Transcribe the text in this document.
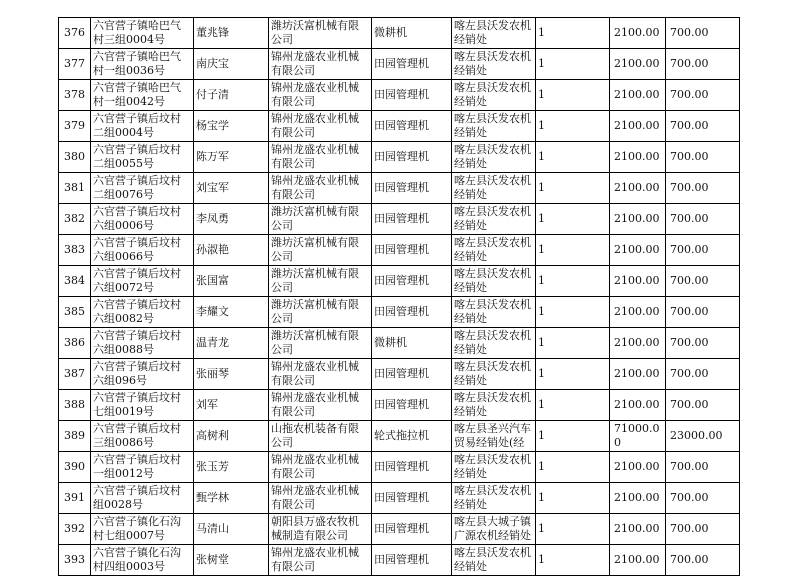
376	六官营子镇哈巴气村三组0004号	董兆锋	潍坊沃富机械有限公司	微耕机	喀左县沃发农机经销处	1	2100.00	700.00
377	六官营子镇哈巴气村一组0036号	南庆宝	锦州龙盛农业机械有限公司	田园管理机	喀左县沃发农机经销处	1	2100.00	700.00
378	六官营子镇哈巴气村一组0042号	付子清	锦州龙盛农业机械有限公司	田园管理机	喀左县沃发农机经销处	1	2100.00	700.00
379	六官营子镇后坟村二组0004号	杨宝学	锦州龙盛农业机械有限公司	田园管理机	喀左县沃发农机经销处	1	2100.00	700.00
380	六官营子镇后坟村二组0055号	陈万军	锦州龙盛农业机械有限公司	田园管理机	喀左县沃发农机经销处	1	2100.00	700.00
381	六官营子镇后坟村二组0076号	刘宝军	锦州龙盛农业机械有限公司	田园管理机	喀左县沃发农机经销处	1	2100.00	700.00
382	六官营子镇后坟村六组0006号	李凤勇	潍坊沃富机械有限公司	田园管理机	喀左县沃发农机经销处	1	2100.00	700.00
383	六官营子镇后坟村六组0066号	孙淑艳	潍坊沃富机械有限公司	田园管理机	喀左县沃发农机经销处	1	2100.00	700.00
384	六官营子镇后坟村六组0072号	张国富	潍坊沃富机械有限公司	田园管理机	喀左县沃发农机经销处	1	2100.00	700.00
385	六官营子镇后坟村六组0082号	李耀文	潍坊沃富机械有限公司	田园管理机	喀左县沃发农机经销处	1	2100.00	700.00
386	六官营子镇后坟村六组0088号	温青龙	潍坊沃富机械有限公司	微耕机	喀左县沃发农机经销处	1	2100.00	700.00
387	六官营子镇后坟村六组096号	张丽琴	锦州龙盛农业机械有限公司	田园管理机	喀左县沃发农机经销处	1	2100.00	700.00
388	六官营子镇后坟村七组0019号	刘军	锦州龙盛农业机械有限公司	田园管理机	喀左县沃发农机经销处	1	2100.00	700.00
389	六官营子镇后坟村三组0086号	高树利	山拖农机装备有限公司	轮式拖拉机	喀左县圣兴汽车贸易经销处(经	1	71000.00	23000.00
390	六官营子镇后坟村一组0012号	张玉芳	锦州龙盛农业机械有限公司	田园管理机	喀左县沃发农机经销处	1	2100.00	700.00
391	六官营子镇后坟村组0028号	甄学林	锦州龙盛农业机械有限公司	田园管理机	喀左县沃发农机经销处	1	2100.00	700.00
392	六官营子镇化石沟村七组0007号	马清山	朝阳县万盛农牧机械制造有限公司	田园管理机	喀左县大城子镇广源农机经销处	1	2100.00	700.00
393	六官营子镇化石沟村四组0003号	张树堂	锦州龙盛农业机械有限公司	田园管理机	喀左县沃发农机经销处	1	2100.00	700.00
